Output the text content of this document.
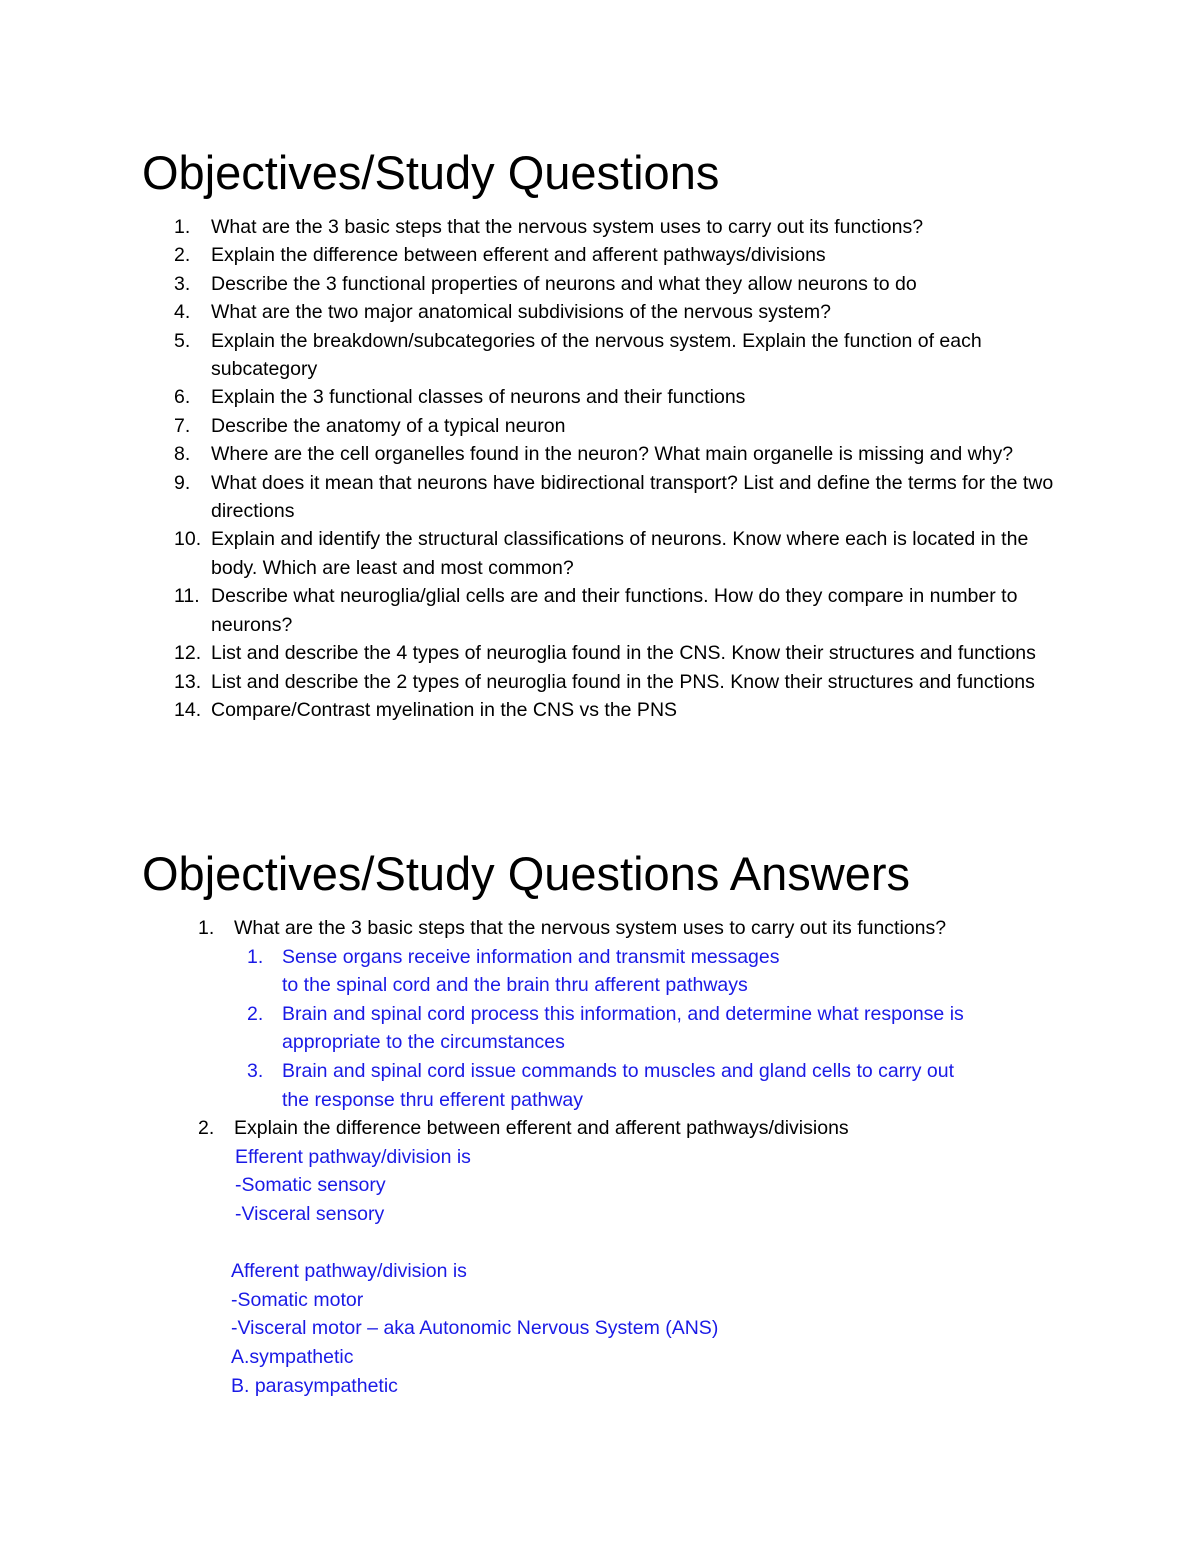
Objectives/Study Questions
1. What are the 3 basic steps that the nervous system uses to carry out its functions?
2. Explain the difference between efferent and afferent pathways/divisions
3. Describe the 3 functional properties of neurons and what they allow neurons to do
4. What are the two major anatomical subdivisions of the nervous system?
5. Explain the breakdown/subcategories of the nervous system. Explain the function of each subcategory
6. Explain the 3 functional classes of neurons and their functions
7. Describe the anatomy of a typical neuron
8. Where are the cell organelles found in the neuron? What main organelle is missing and why?
9. What does it mean that neurons have bidirectional transport? List and define the terms for the two directions
10. Explain and identify the structural classifications of neurons. Know where each is located in the body. Which are least and most common?
11. Describe what neuroglia/glial cells are and their functions. How do they compare in number to neurons?
12. List and describe the 4 types of neuroglia found in the CNS. Know their structures and functions
13. List and describe the 2 types of neuroglia found in the PNS. Know their structures and functions
14. Compare/Contrast myelination in the CNS vs the PNS
Objectives/Study Questions Answers
1. What are the 3 basic steps that the nervous system uses to carry out its functions?
1. Sense organs receive information and transmit messages
to the spinal cord and the brain thru afferent pathways
2. Brain and spinal cord process this information, and determine what response is
appropriate to the circumstances
3. Brain and spinal cord issue commands to muscles and gland cells to carry out
the response thru efferent pathway
2. Explain the difference between efferent and afferent pathways/divisions
Efferent pathway/division is
-Somatic sensory
-Visceral sensory
Afferent pathway/division is
-Somatic motor
-Visceral motor – aka Autonomic Nervous System (ANS)
A.sympathetic
B. parasympathetic
